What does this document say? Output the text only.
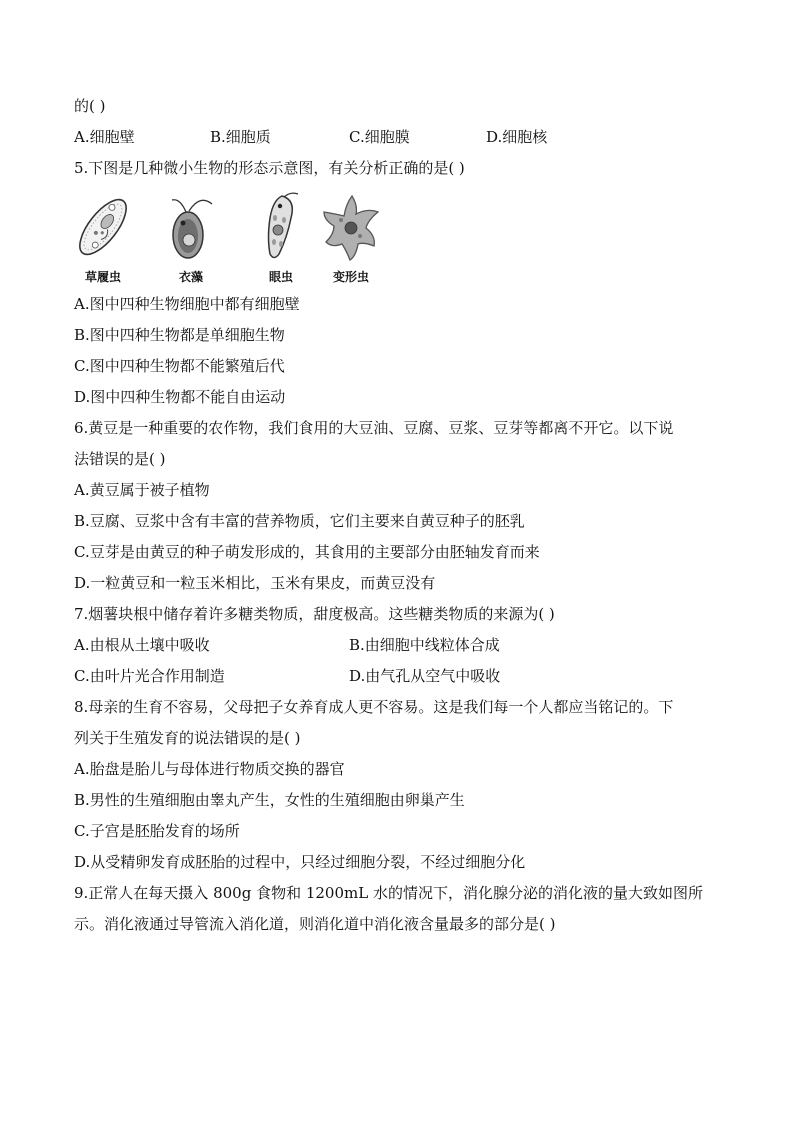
的( )
A.细胞壁	B.细胞质	C.细胞膜	D.细胞核
5.下图是几种微小生物的形态示意图，有关分析正确的是( )
草履虫	衣藻	眼虫	变形虫
A.图中四种生物细胞中都有细胞壁
B.图中四种生物都是单细胞生物
C.图中四种生物都不能繁殖后代
D.图中四种生物都不能自由运动
6.黄豆是一种重要的农作物，我们食用的大豆油、豆腐、豆浆、豆芽等都离不开它。以下说
法错误的是( )
A.黄豆属于被子植物
B.豆腐、豆浆中含有丰富的营养物质，它们主要来自黄豆种子的胚乳
C.豆芽是由黄豆的种子萌发形成的，其食用的主要部分由胚轴发育而来
D.一粒黄豆和一粒玉米相比，玉米有果皮，而黄豆没有
7.烟薯块根中储存着许多糖类物质，甜度极高。这些糖类物质的来源为( )
A.由根从土壤中吸收	B.由细胞中线粒体合成
C.由叶片光合作用制造	D.由气孔从空气中吸收
8.母亲的生育不容易，父母把子女养育成人更不容易。这是我们每一个人都应当铭记的。下
列关于生殖发育的说法错误的是( )
A.胎盘是胎儿与母体进行物质交换的器官
B.男性的生殖细胞由睾丸产生，女性的生殖细胞由卵巢产生
C.子宫是胚胎发育的场所
D.从受精卵发育成胚胎的过程中，只经过细胞分裂，不经过细胞分化
9.正常人在每天摄入 800g 食物和 1200mL 水的情况下，消化腺分泌的消化液的量大致如图所
示。消化液通过导管流入消化道，则消化道中消化液含量最多的部分是( )
